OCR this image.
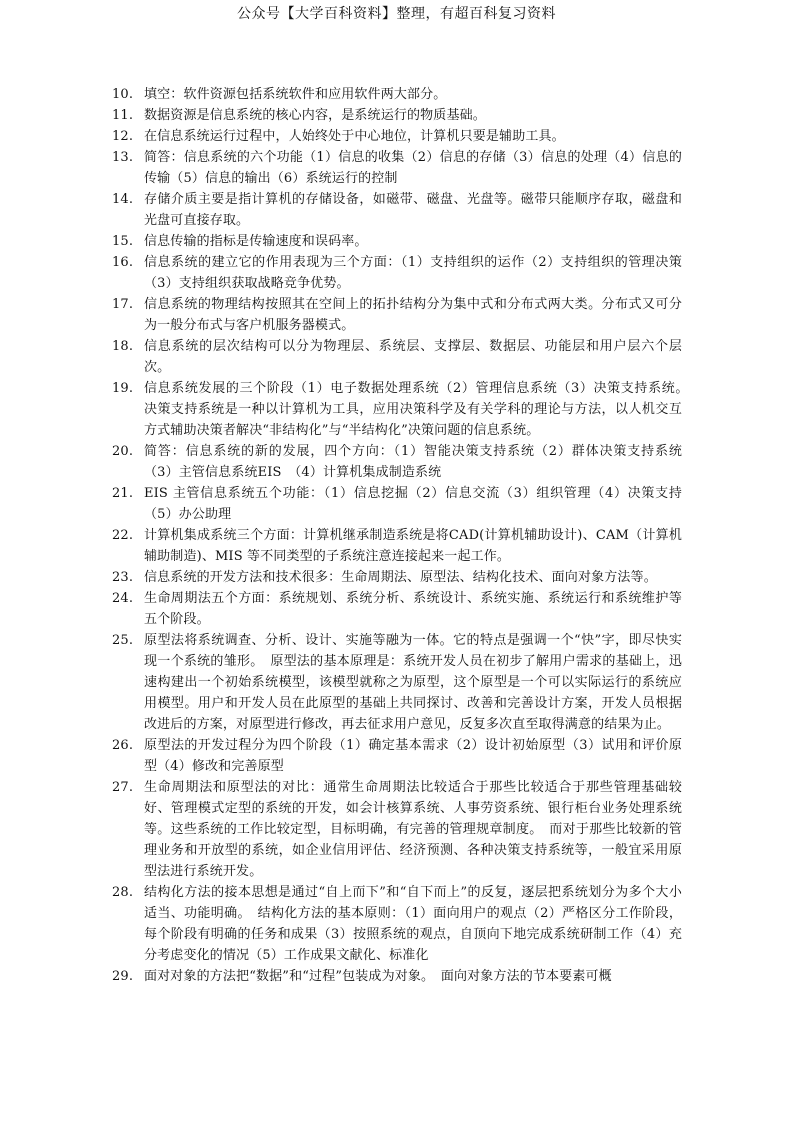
公众号【大学百科资料】整理，有超百科复习资料
10. 填空：软件资源包括系统软件和应用软件两大部分。
11. 数据资源是信息系统的核心内容，是系统运行的物质基础。
12. 在信息系统运行过程中，人始终处于中心地位，计算机只要是辅助工具。
13. 简答：信息系统的六个功能（1）信息的收集（2）信息的存储（3）信息的处理（4）信息的传输（5）信息的输出（6）系统运行的控制
14. 存储介质主要是指计算机的存储设备，如磁带、磁盘、光盘等。磁带只能顺序存取，磁盘和光盘可直接存取。
15. 信息传输的指标是传输速度和误码率。
16. 信息系统的建立它的作用表现为三个方面：（1）支持组织的运作（2）支持组织的管理决策（3）支持组织获取战略竞争优势。
17. 信息系统的物理结构按照其在空间上的拓扑结构分为集中式和分布式两大类。分布式又可分为一般分布式与客户机服务器模式。
18. 信息系统的层次结构可以分为物理层、系统层、支撑层、数据层、功能层和用户层六个层次。
19. 信息系统发展的三个阶段（1）电子数据处理系统（2）管理信息系统（3）决策支持系统。　决策支持系统是一种以计算机为工具，应用决策科学及有关学科的理论与方法，以人机交互方式辅助决策者解决“非结构化”与“半结构化”决策问题的信息系统。
20. 简答：信息系统的新的发展，四个方向：（1）智能决策支持系统（2）群体决策支持系统（3）主管信息系统EIS　（4）计算机集成制造系统
21. EIS 主管信息系统五个功能：（1）信息挖掘（2）信息交流（3）组织管理（4）决策支持（5）办公助理
22. 计算机集成系统三个方面：计算机继承制造系统是将CAD(计算机辅助设计)、CAM（计算机辅助制造)、MIS 等不同类型的子系统注意连接起来一起工作。
23. 信息系统的开发方法和技术很多：生命周期法、原型法、结构化技术、面向对象方法等。
24. 生命周期法五个方面：系统规划、系统分析、系统设计、系统实施、系统运行和系统维护等五个阶段。
25. 原型法将系统调查、分析、设计、实施等融为一体。它的特点是强调一个“快”字，即尽快实现一个系统的雏形。　原型法的基本原理是：系统开发人员在初步了解用户需求的基础上，迅速构建出一个初始系统模型，该模型就称之为原型，这个原型是一个可以实际运行的系统应用模型。用户和开发人员在此原型的基础上共同探讨、改善和完善设计方案，开发人员根据改进后的方案，对原型进行修改，再去征求用户意见，反复多次直至取得满意的结果为止。
26. 原型法的开发过程分为四个阶段（1）确定基本需求（2）设计初始原型（3）试用和评价原型（4）修改和完善原型
27. 生命周期法和原型法的对比：通常生命周期法比较适合于那些比较适合于那些管理基础较好、管理模式定型的系统的开发，如会计核算系统、人事劳资系统、银行柜台业务处理系统等。这些系统的工作比较定型，目标明确，有完善的管理规章制度。　而对于那些比较新的管理业务和开放型的系统，如企业信用评估、经济预测、各种决策支持系统等，一般宜采用原型法进行系统开发。
28. 结构化方法的接本思想是通过“自上而下”和“自下而上”的反复，逐层把系统划分为多个大小适当、功能明确。　结构化方法的基本原则：（1）面向用户的观点（2）严格区分工作阶段，每个阶段有明确的任务和成果（3）按照系统的观点，自顶向下地完成系统研制工作（4）充分考虑变化的情况（5）工作成果文献化、标准化
29. 面对对象的方法把“数据”和“过程”包装成为对象。　面向对象方法的节本要素可概
